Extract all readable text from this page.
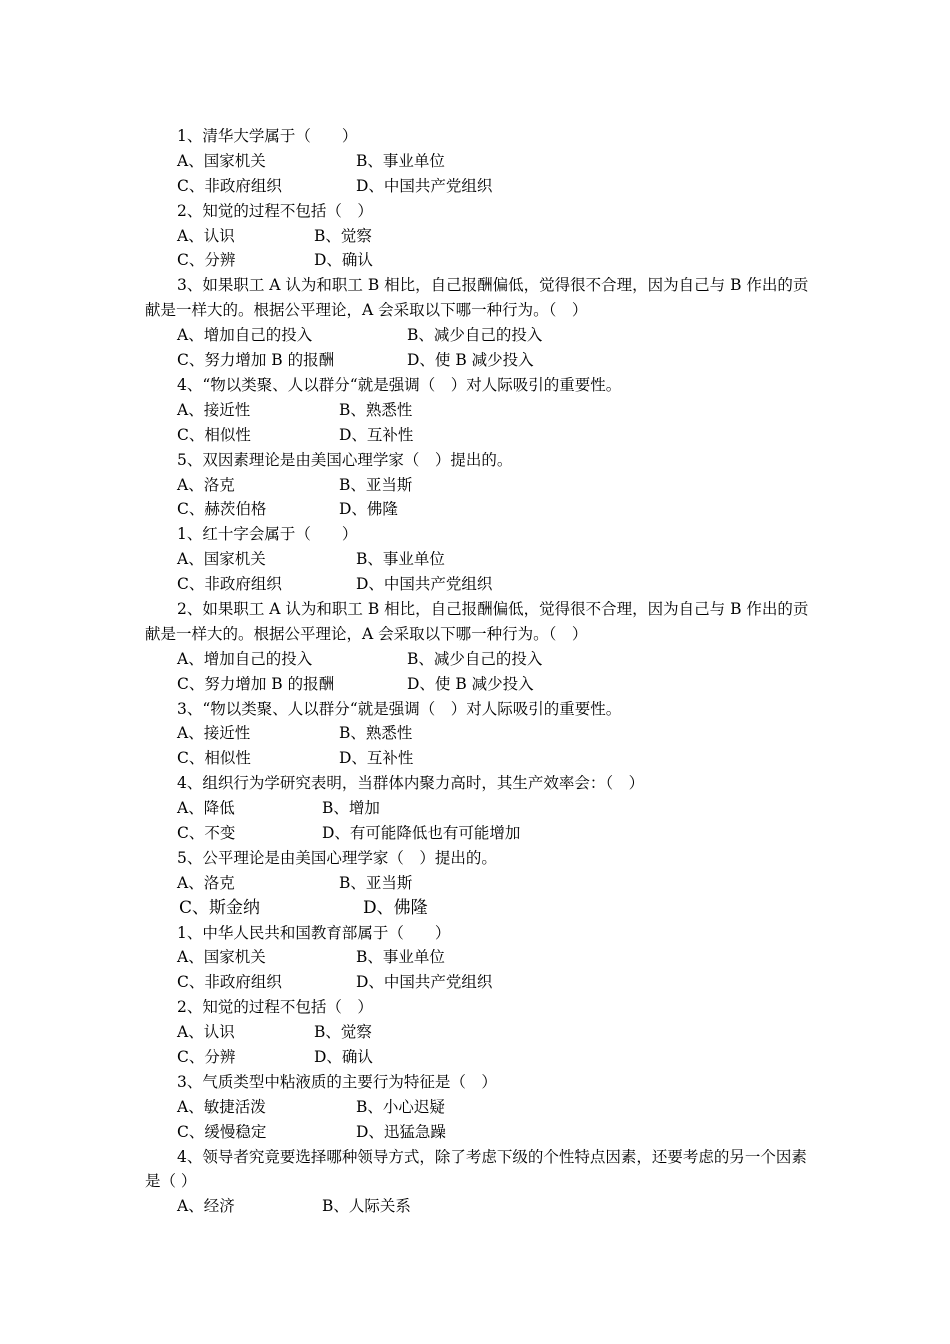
1、清华大学属于（　　）
A、国家机关	B、事业单位
C、非政府组织	D、中国共产党组织
2、知觉的过程不包括（　）
A、认识	B、觉察
C、分辨	D、确认
3、如果职工 A 认为和职工 B 相比，自己报酬偏低，觉得很不合理，因为自己与 B 作出的贡献是一样大的。根据公平理论，A 会采取以下哪一种行为。（　）
A、增加自己的投入	B、减少自己的投入
C、努力增加 B 的报酬	D、使 B 减少投入
4、“物以类聚、人以群分“就是强调（　）对人际吸引的重要性。
A、接近性	B、熟悉性
C、相似性	D、互补性
5、双因素理论是由美国心理学家（　）提出的。
A、洛克	B、亚当斯
C、赫茨伯格	D、佛隆
1、红十字会属于（　　）
A、国家机关	B、事业单位
C、非政府组织	D、中国共产党组织
2、如果职工 A 认为和职工 B 相比，自己报酬偏低，觉得很不合理，因为自己与 B 作出的贡献是一样大的。根据公平理论，A 会采取以下哪一种行为。（　）
A、增加自己的投入	B、减少自己的投入
C、努力增加 B 的报酬	D、使 B 减少投入
3、“物以类聚、人以群分“就是强调（　）对人际吸引的重要性。
A、接近性	B、熟悉性
C、相似性	D、互补性
4、组织行为学研究表明，当群体内聚力高时，其生产效率会：（　）
A、降低	B、增加
C、不变	D、有可能降低也有可能增加
5、公平理论是由美国心理学家（　）提出的。
A、洛克	B、亚当斯
C、斯金纳	D、佛隆
1、中华人民共和国教育部属于（　　）
A、国家机关	B、事业单位
C、非政府组织	D、中国共产党组织
2、知觉的过程不包括（　）
A、认识	B、觉察
C、分辨	D、确认
3、气质类型中粘液质的主要行为特征是（　）
A、敏捷活泼	B、小心迟疑
C、缓慢稳定	D、迅猛急躁
4、领导者究竟要选择哪种领导方式，除了考虑下级的个性特点因素，还要考虑的另一个因素是（ ）
A、经济	B、人际关系
